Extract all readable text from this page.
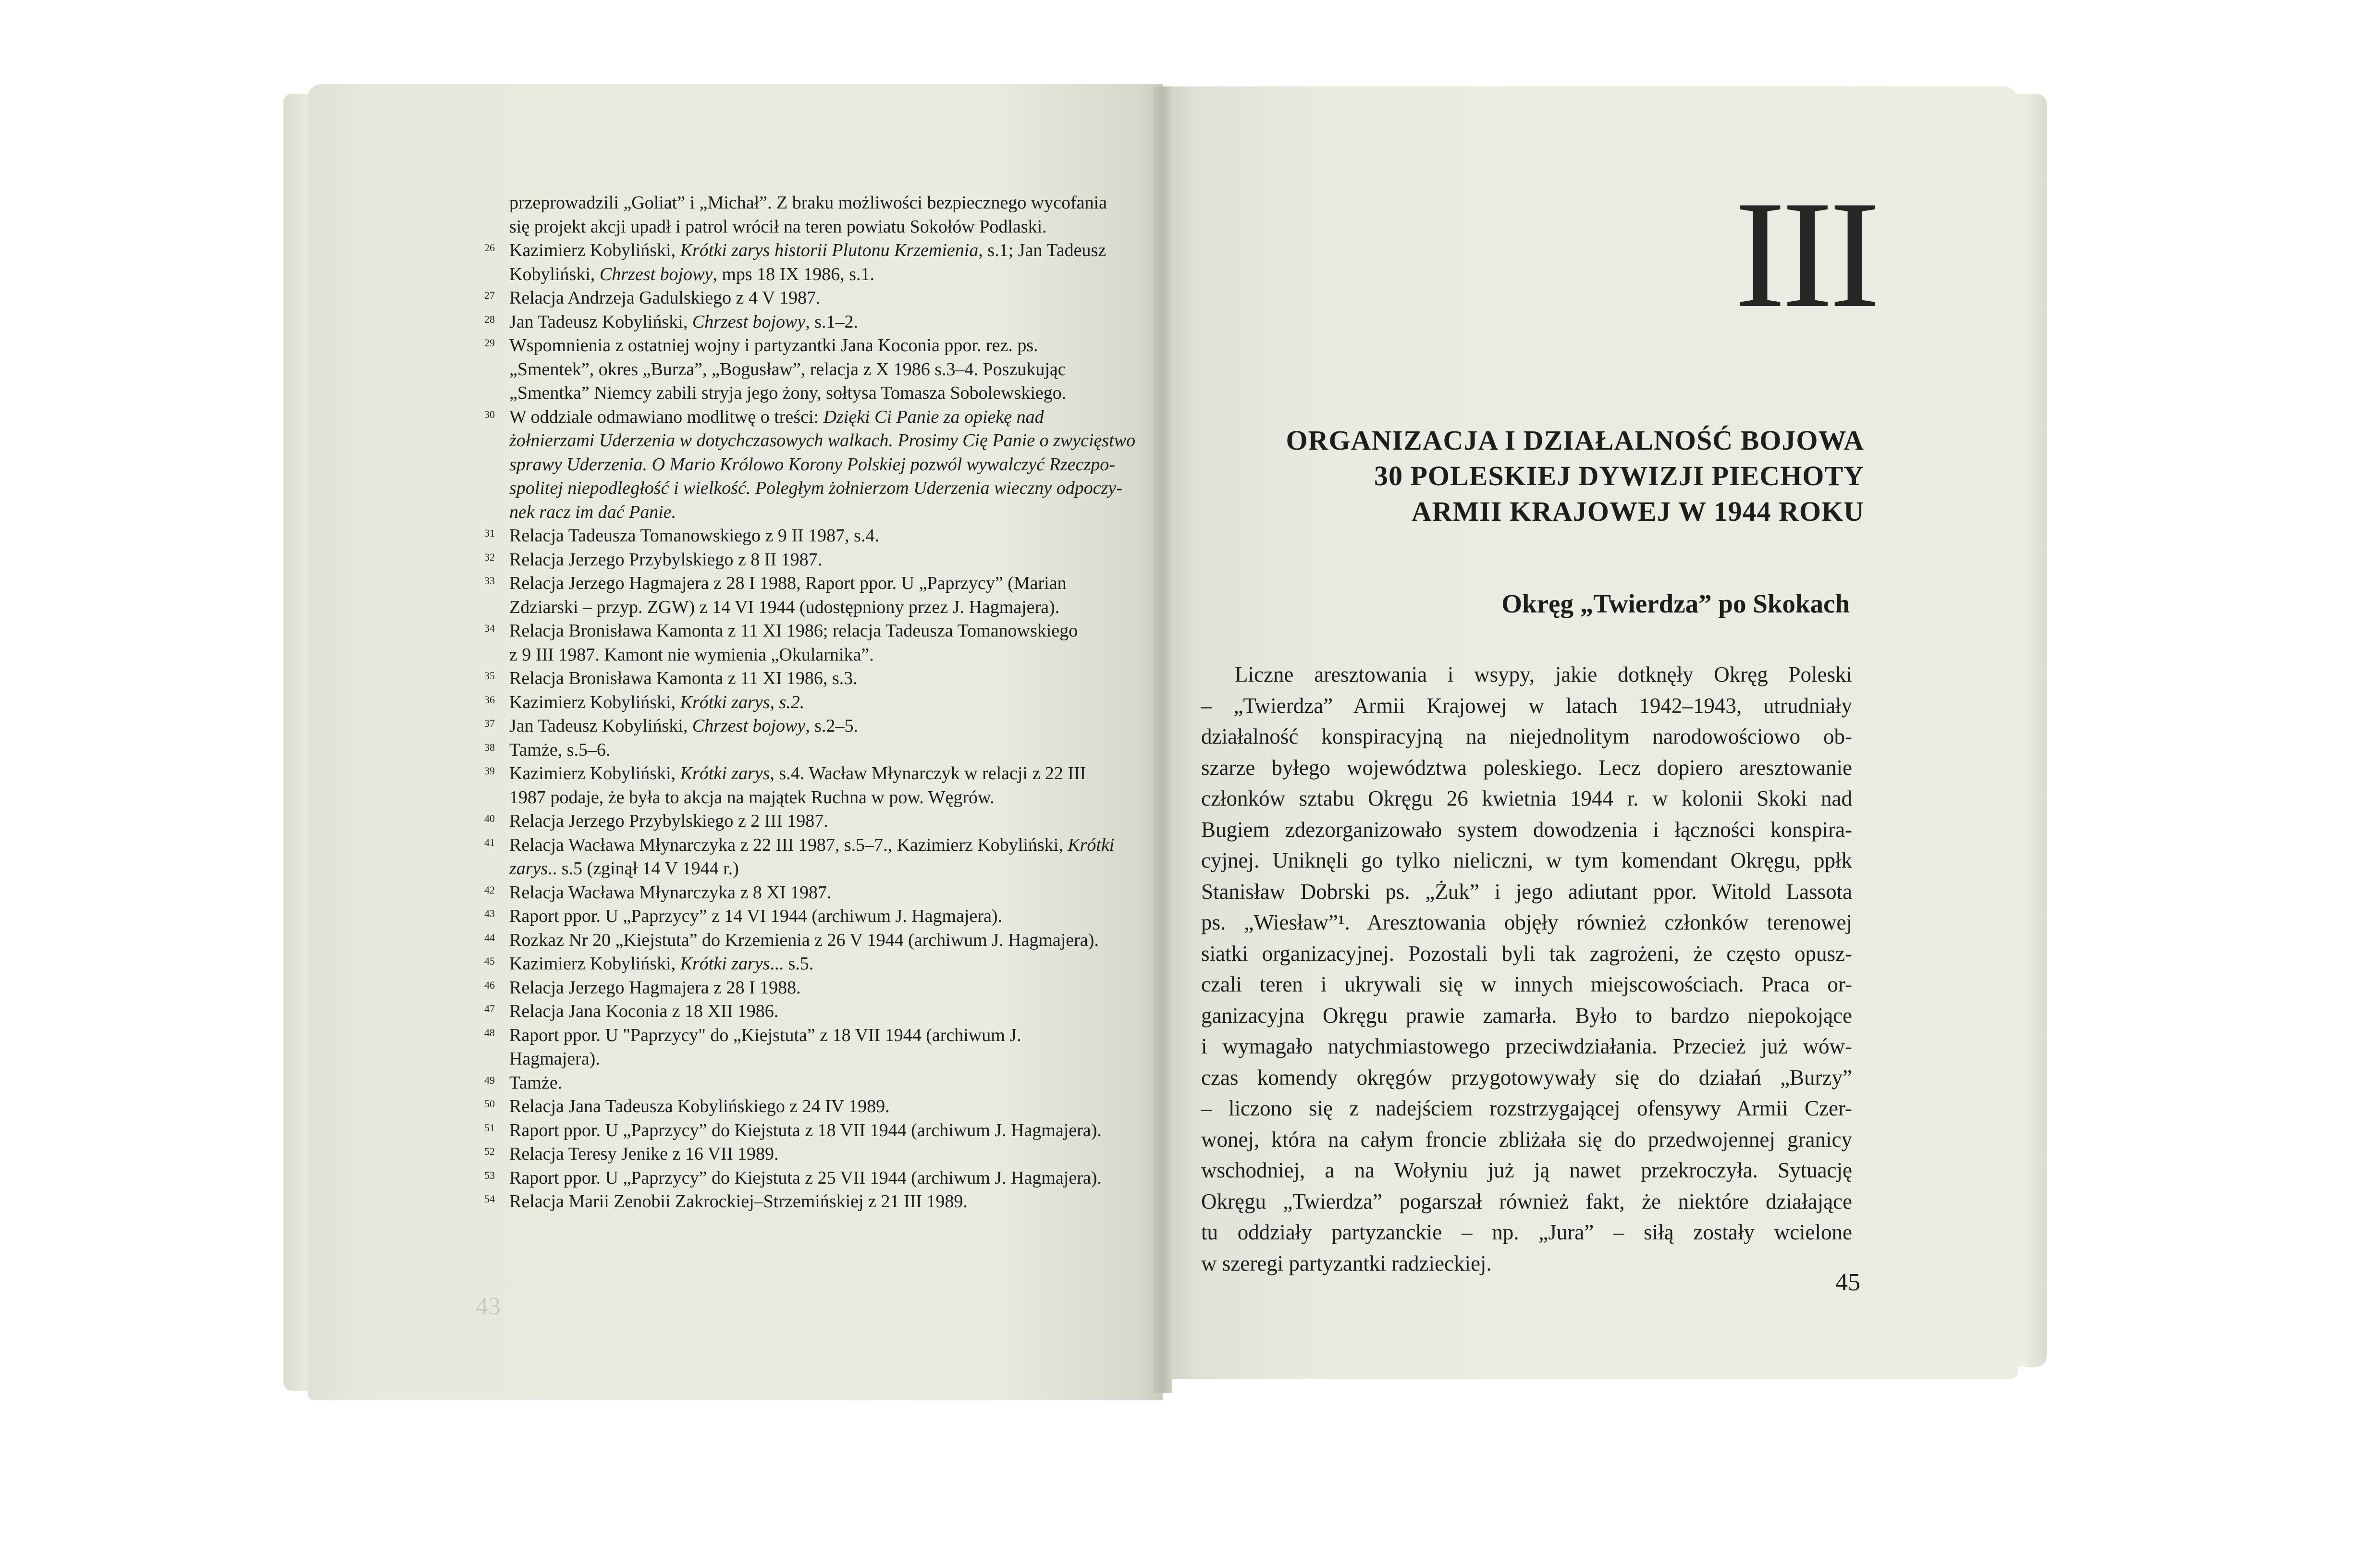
przeprowadzili „Goliat” i „Michał”. Z braku możliwości bezpiecznego wycofania
się projekt akcji upadł i patrol wrócił na teren powiatu Sokołów Podlaski.
26 Kazimierz Kobyliński, Krótki zarys historii Plutonu Krzemienia, s.1; Jan Tadeusz
Kobyliński, Chrzest bojowy, mps 18 IX 1986, s.1.
27 Relacja Andrzeja Gadulskiego z 4 V 1987.
28 Jan Tadeusz Kobyliński, Chrzest bojowy, s.1–2.
29 Wspomnienia z ostatniej wojny i partyzantki Jana Koconia ppor. rez. ps.
„Smentek”, okres „Burza”, „Bogusław”, relacja z X 1986 s.3–4. Poszukując
„Smentka” Niemcy zabili stryja jego żony, sołtysa Tomasza Sobolewskiego.
30 W oddziale odmawiano modlitwę o treści: Dzięki Ci Panie za opiekę nad
żołnierzami Uderzenia w dotychczasowych walkach. Prosimy Cię Panie o zwycięstwo
sprawy Uderzenia. O Mario Królowo Korony Polskiej pozwól wywalczyć Rzeczpo-
spolitej niepodległość i wielkość. Poległym żołnierzom Uderzenia wieczny odpoczy-
nek racz im dać Panie.
31 Relacja Tadeusza Tomanowskiego z 9 II 1987, s.4.
32 Relacja Jerzego Przybylskiego z 8 II 1987.
33 Relacja Jerzego Hagmajera z 28 I 1988, Raport ppor. U „Paprzycy” (Marian
Zdziarski – przyp. ZGW) z 14 VI 1944 (udostępniony przez J. Hagmajera).
34 Relacja Bronisława Kamonta z 11 XI 1986; relacja Tadeusza Tomanowskiego
z 9 III 1987. Kamont nie wymienia „Okularnika”.
35 Relacja Bronisława Kamonta z 11 XI 1986, s.3.
36 Kazimierz Kobyliński, Krótki zarys, s.2.
37 Jan Tadeusz Kobyliński, Chrzest bojowy, s.2–5.
38 Tamże, s.5–6.
39 Kazimierz Kobyliński, Krótki zarys, s.4. Wacław Młynarczyk w relacji z 22 III
1987 podaje, że była to akcja na majątek Ruchna w pow. Węgrów.
40 Relacja Jerzego Przybylskiego z 2 III 1987.
41 Relacja Wacława Młynarczyka z 22 III 1987, s.5–7., Kazimierz Kobyliński, Krótki
zarys.. s.5 (zginął 14 V 1944 r.)
42 Relacja Wacława Młynarczyka z 8 XI 1987.
43 Raport ppor. U „Paprzycy” z 14 VI 1944 (archiwum J. Hagmajera).
44 Rozkaz Nr 20 „Kiejstuta” do Krzemienia z 26 V 1944 (archiwum J. Hagmajera).
45 Kazimierz Kobyliński, Krótki zarys... s.5.
46 Relacja Jerzego Hagmajera z 28 I 1988.
47 Relacja Jana Koconia z 18 XII 1986.
48 Raport ppor. U "Paprzycy" do „Kiejstuta” z 18 VII 1944 (archiwum J.
Hagmajera).
49 Tamże.
50 Relacja Jana Tadeusza Kobylińskiego z 24 IV 1989.
51 Raport ppor. U „Paprzycy” do Kiejstuta z 18 VII 1944 (archiwum J. Hagmajera).
52 Relacja Teresy Jenike z 16 VII 1989.
53 Raport ppor. U „Paprzycy” do Kiejstuta z 25 VII 1944 (archiwum J. Hagmajera).
54 Relacja Marii Zenobii Zakrockiej–Strzemińskiej z 21 III 1989.
43
III
ORGANIZACJA I DZIAŁALNOŚĆ BOJOWA
30 POLESKIEJ DYWIZJI PIECHOTY
ARMII KRAJOWEJ W 1944 ROKU
Okręg „Twierdza” po Skokach
Liczne aresztowania i wsypy, jakie dotknęły Okręg Poleski
– „Twierdza” Armii Krajowej w latach 1942–1943, utrudniały
działalność konspiracyjną na niejednolitym narodowościowo ob-
szarze byłego województwa poleskiego. Lecz dopiero aresztowanie
członków sztabu Okręgu 26 kwietnia 1944 r. w kolonii Skoki nad
Bugiem zdezorganizowało system dowodzenia i łączności konspira-
cyjnej. Uniknęli go tylko nieliczni, w tym komendant Okręgu, ppłk
Stanisław Dobrski ps. „Żuk” i jego adiutant ppor. Witold Lassota
ps. „Wiesław”¹. Aresztowania objęły również członków terenowej
siatki organizacyjnej. Pozostali byli tak zagrożeni, że często opusz-
czali teren i ukrywali się w innych miejscowościach. Praca or-
ganizacyjna Okręgu prawie zamarła. Było to bardzo niepokojące
i wymagało natychmiastowego przeciwdziałania. Przecież już wów-
czas komendy okręgów przygotowywały się do działań „Burzy”
– liczono się z nadejściem rozstrzygającej ofensywy Armii Czer-
wonej, która na całym froncie zbliżała się do przedwojennej granicy
wschodniej, a na Wołyniu już ją nawet przekroczyła. Sytuację
Okręgu „Twierdza” pogarszał również fakt, że niektóre działające
tu oddziały partyzanckie – np. „Jura” – siłą zostały wcielone
w szeregi partyzantki radzieckiej.
45
